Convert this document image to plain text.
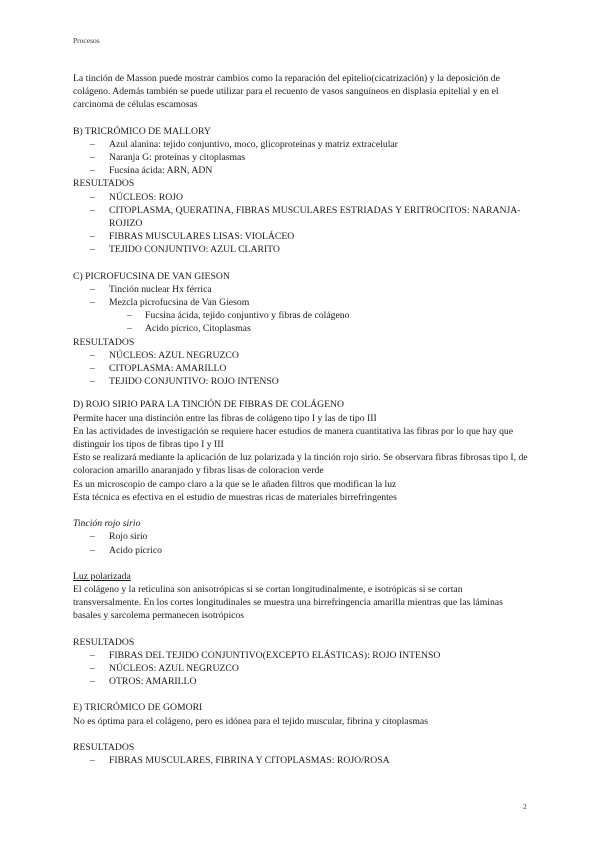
Procesos

La tinción de Masson puede mostrar cambios como la reparación del epitelio(cicatrización) y la deposición de colágeno. Además también se puede utilizar para el recuento de vasos sanguíneos en displasia epitelial y en el carcinoma de células escamosas

B) TRICRÓMICO DE MALLORY

– Azul alanina: tejido conjuntivo, moco, glicoproteínas y matriz extracelular
– Naranja G: proteínas y citoplasmas
– Fucsina ácida: ARN, ADN

RESULTADOS

– NÚCLEOS: ROJO
– CITOPLASMA, QUERATINA, FIBRAS MUSCULARES ESTRIADAS Y ERITROCITOS: NARANJA-ROJIZO
– FIBRAS MUSCULARES LISAS: VIOLÁCEO
– TEJIDO CONJUNTIVO: AZUL CLARITO

C) PICROFUCSINA DE VAN GIESON

– Tinción nuclear Hx férrica
– Mezcla picrofucsina de Van Giesom
– Fucsina ácida, tejido conjuntivo y fibras de colágeno
– Acido pícrico, Citoplasmas

RESULTADOS

– NÚCLEOS: AZUL NEGRUZCO
– CITOPLASMA: AMARILLO
– TEJIDO CONJUNTIVO: ROJO INTENSO

D) ROJO SIRIO PARA LA TINCIÓN DE FIBRAS DE COLÁGENO

Permite hacer una distinción entre las fibras de colágeno tipo I y las de tipo III

En las actividades de investigación se requiere hacer estudios de manera cuantitativa las fibras por lo que hay que distinguir los tipos de fibras tipo I y III

Esto se realizará mediante la aplicación de luz polarizada y la tinción rojo sirio. Se observara fibras fibrosas tipo I, de coloracion amarillo anaranjado y fibras lisas de coloracion verde

Es un microscopio de campo claro a la que se le añaden filtros que modifican la luz

Esta técnica es efectiva en el estudio de muestras ricas de materiales birrefringentes

Tinción rojo sirio

– Rojo sirio
– Acido pícrico

Luz polarizada

El colágeno y la reticulina son anisotrópicas si se cortan longitudinalmente, e isotrópicas si se cortan transversalmente. En los cortes longitudinales se muestra una birrefringencia amarilla mientras que las láminas basales y sarcolema permanecen isotrópicos

RESULTADOS

– FIBRAS DEL TEJIDO CONJUNTIVO(EXCEPTO ELÁSTICAS): ROJO INTENSO
– NÚCLEOS: AZUL NEGRUZCO
– OTROS: AMARILLO

E) TRICRÓMICO DE GOMORI

No es óptima para el colágeno, pero es idónea para el tejido muscular, fibrina y citoplasmas

RESULTADOS

– FIBRAS MUSCULARES, FIBRINA Y CITOPLASMAS: ROJO/ROSA
2
